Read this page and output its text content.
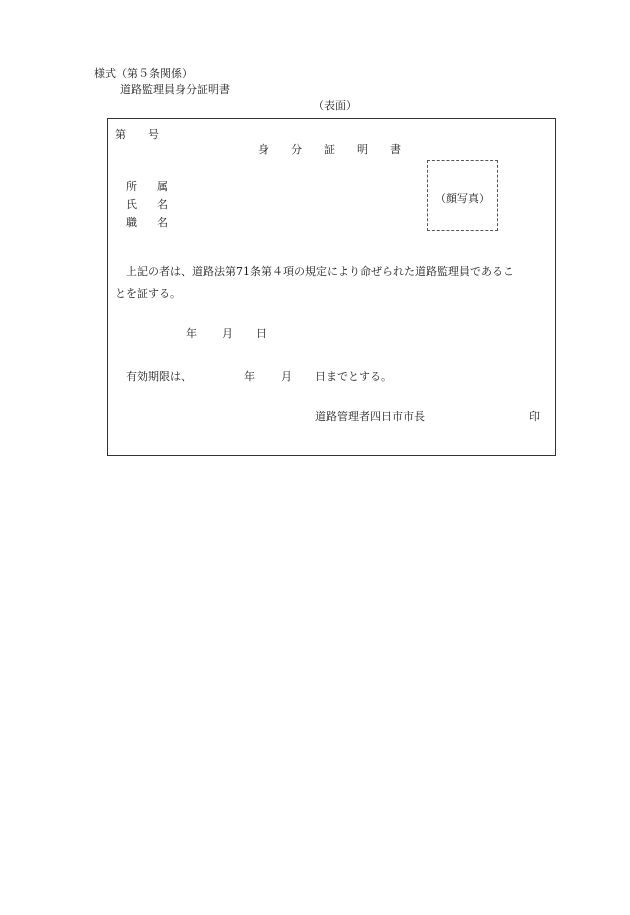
様式（第５条関係）
道路監理員身分証明書
（表面）
第 号
身分証明書
所属
氏名
職名
（顔写真）
上記の者は、道路法第71条第４項の規定により命ぜられた道路監理員であるこ
とを証する。
年 月 日
有効期限は、	年 月 日までとする。
道路管理者四日市市長	印
